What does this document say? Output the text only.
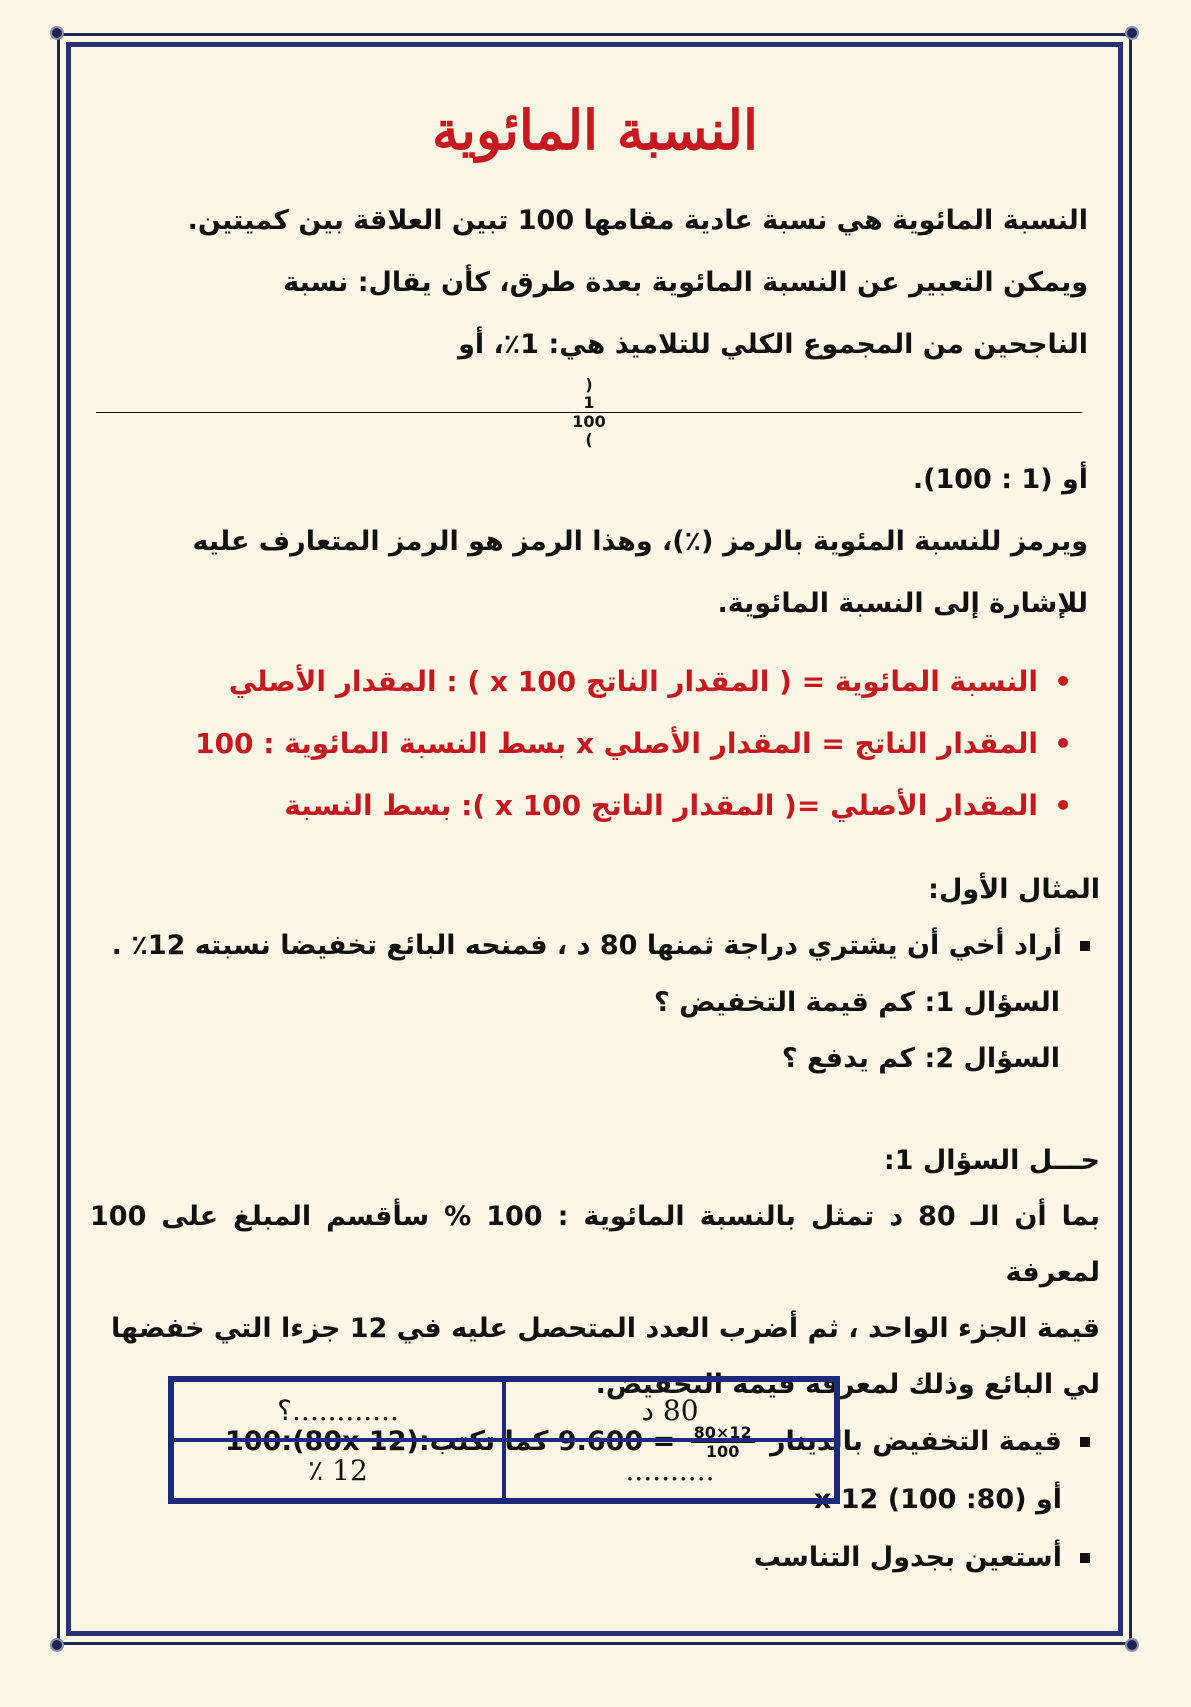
النسبة المائوية
النسبة المائوية هي نسبة عادية مقامها 100 تبين العلاقة بين كميتين.
ويمكن التعبير عن النسبة المائوية بعدة طرق، كأن يقال: نسبة
الناجحين من المجموع الكلي للتلاميذ هي: 1٪، أو
(
1
100
)
أو (1 : 100).
ويرمز للنسبة المئوية بالرمز (٪)، وهذا الرمز هو الرمز المتعارف عليه
للإشارة إلى النسبة المائوية.
• النسبة المائوية = ( المقدار الناتج x 100 ) : المقدار الأصلي
• المقدار الناتج = المقدار الأصلي x بسط النسبة المائوية : 100
• المقدار الأصلي =( المقدار الناتج x 100 ): بسط النسبة
المثال الأول:
أراد أخي أن يشتري دراجة ثمنها 80 د ، فمنحه البائع تخفيضا نسبته 12٪ .
السؤال 1: كم قيمة التخفيض ؟
السؤال 2: كم يدفع ؟
حـــل السؤال 1:
بما أن الـ 80 د تمثل بالنسبة المائوية : 100 % سأقسم المبلغ على 100 لمعرفة
قيمة الجزء الواحد ، ثم أضرب العدد المتحصل عليه في 12 جزءا التي خفضها
لي البائع وذلك لمعرفة قيمة التخفيض.
قيمة التخفيض بالدينار
$\frac{12\times 80}{100}$
= 9.600 كما تكتب:(80x 12):100
أو (80: 100) x 12
أستعين بجدول التناسب
80 د
............؟
..........
12 ٪
